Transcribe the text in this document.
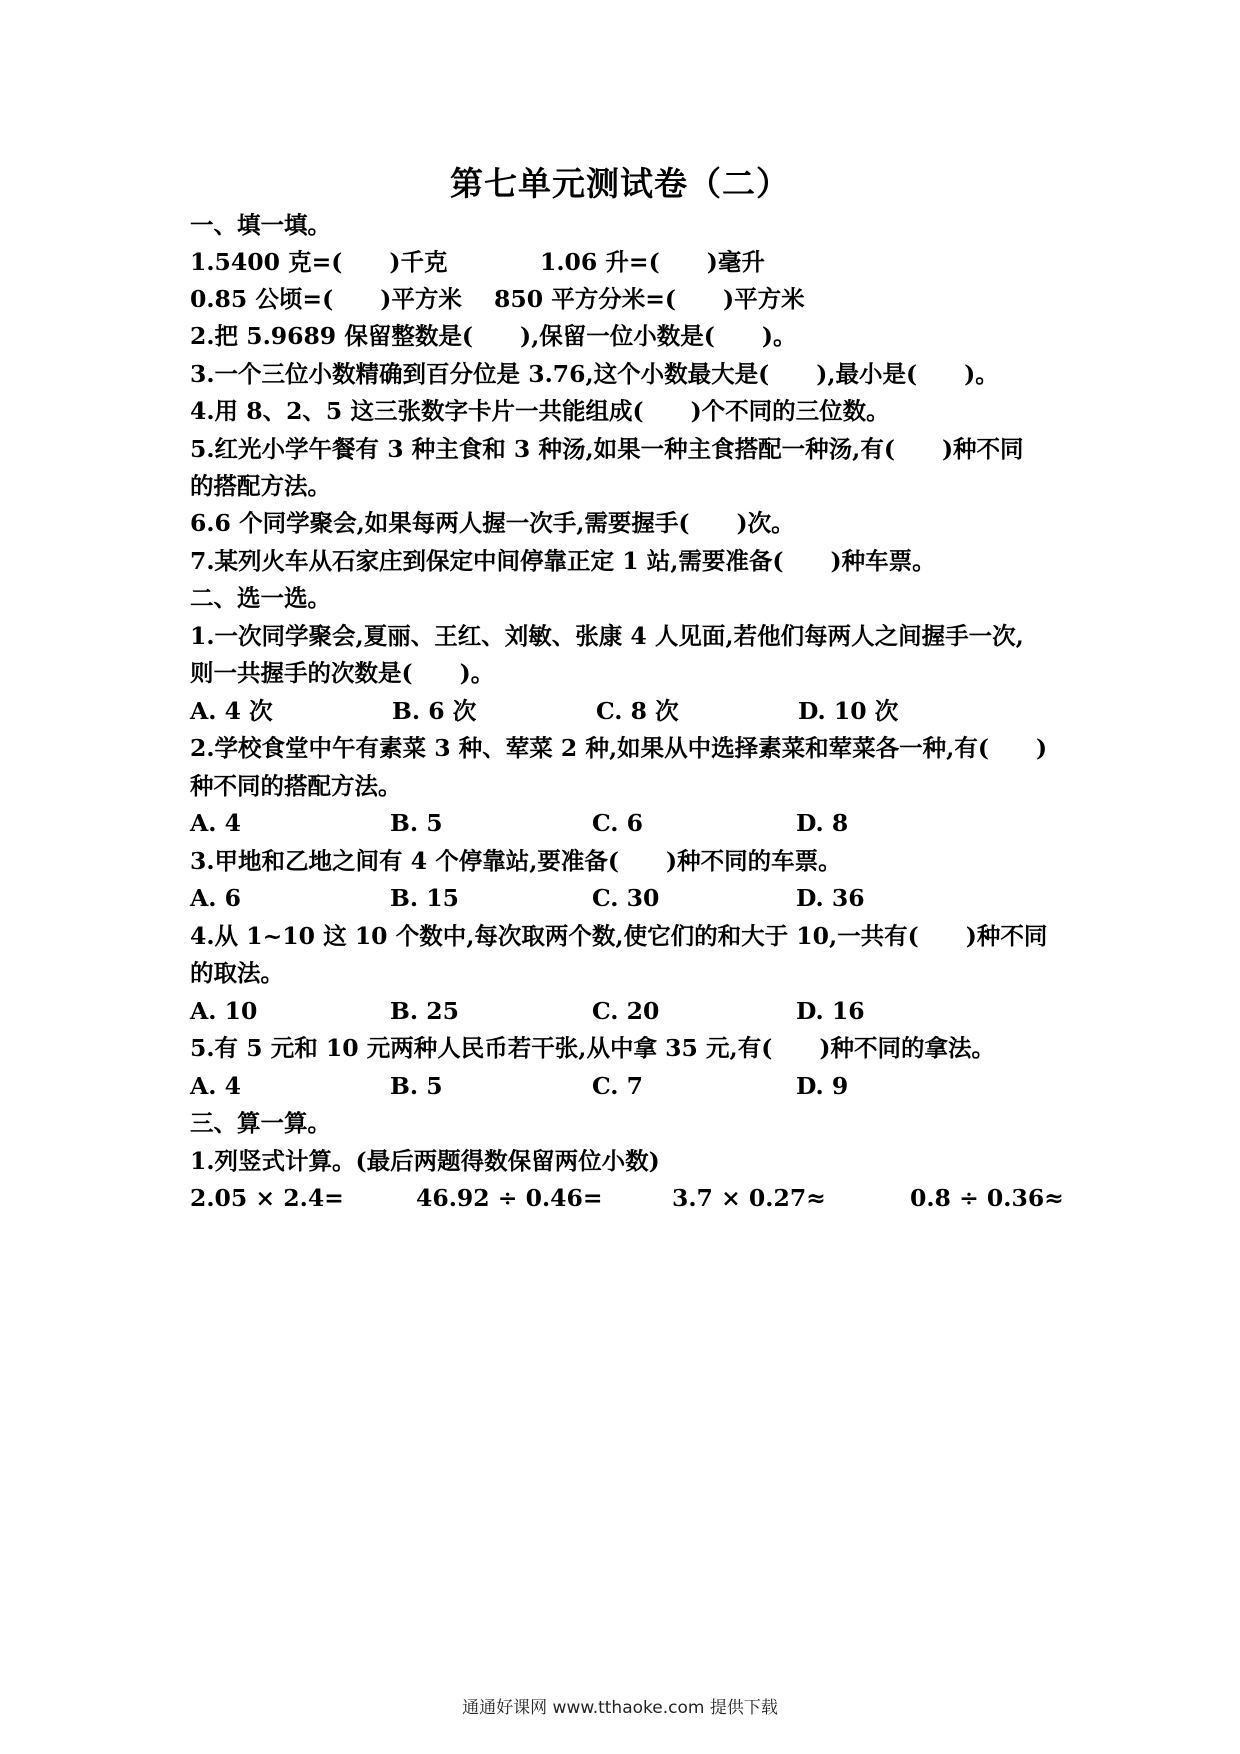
第七单元测试卷（二）
一、填一填。
1.5400 克=(　　)千克	1.06 升=(　　)毫升
0.85 公顷=(　　)平方米 850 平方分米=(　　)平方米
2.把 5.9689 保留整数是(　　),保留一位小数是(　　)。
3.一个三位小数精确到百分位是 3.76,这个小数最大是(　　),最小是(　　)。
4.用 8、2、5 这三张数字卡片一共能组成(　　)个不同的三位数。
5.红光小学午餐有 3 种主食和 3 种汤,如果一种主食搭配一种汤,有(　　)种不同
的搭配方法。
6.6 个同学聚会,如果每两人握一次手,需要握手(　　)次。
7.某列火车从石家庄到保定中间停靠正定 1 站,需要准备(　　)种车票。
二、选一选。
1.一次同学聚会,夏丽、王红、刘敏、张康 4 人见面,若他们每两人之间握手一次,
则一共握手的次数是(　　)。
A. 4 次	B. 6 次	C. 8 次	D. 10 次
2.学校食堂中午有素菜 3 种、荤菜 2 种,如果从中选择素菜和荤菜各一种,有(　　)
种不同的搭配方法。
A. 4	B. 5	C. 6	D. 8
3.甲地和乙地之间有 4 个停靠站,要准备(　　)种不同的车票。
A. 6	B. 15	C. 30	D. 36
4.从 1~10 这 10 个数中,每次取两个数,使它们的和大于 10,一共有(　　)种不同
的取法。
A. 10	B. 25	C. 20	D. 16
5.有 5 元和 10 元两种人民币若干张,从中拿 35 元,有(　　)种不同的拿法。
A. 4	B. 5	C. 7	D. 9
三、算一算。
1.列竖式计算。(最后两题得数保留两位小数)
2.05 × 2.4=	46.92 ÷ 0.46=	3.7 × 0.27≈	0.8 ÷ 0.36≈
通通好课网 www.tthaoke.com 提供下载
